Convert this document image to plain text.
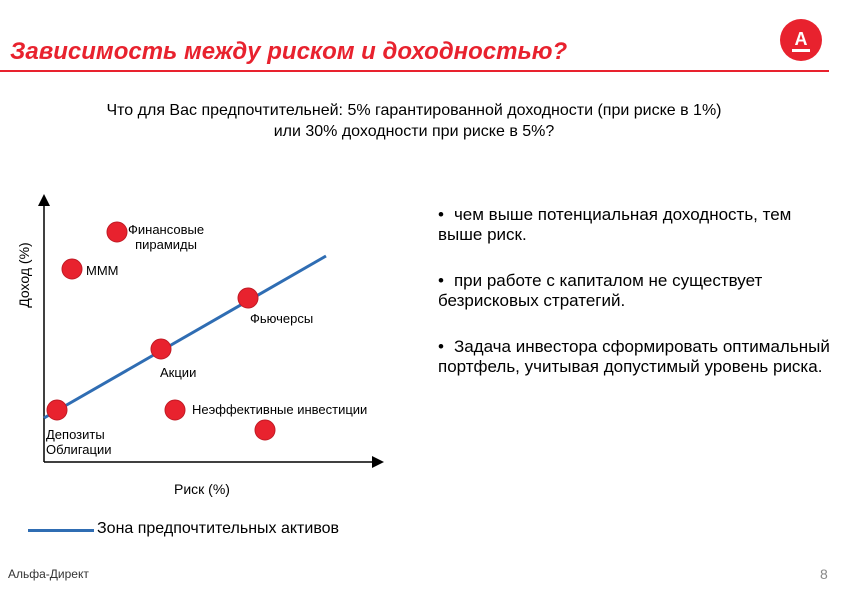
Зависимость между риском и доходностью?	А
Что для Вас предпочтительней: 5% гарантированной доходности (при риске в 1%)
или 30% доходности при риске в 5%?
Финансовые
пирамиды
МММ
Фьючерсы
Акции
Депозиты
Облигации
Неэффективные инвестиции
Доход (%)
Риск (%)
• чем выше потенциальная доходность, тем выше риск.
• при работе с капиталом не существует безрисковых стратегий.
• Задача инвестора сформировать оптимальный портфель, учитывая допустимый уровень риска.
Зона предпочтительных активов
Альфа-Директ	8
